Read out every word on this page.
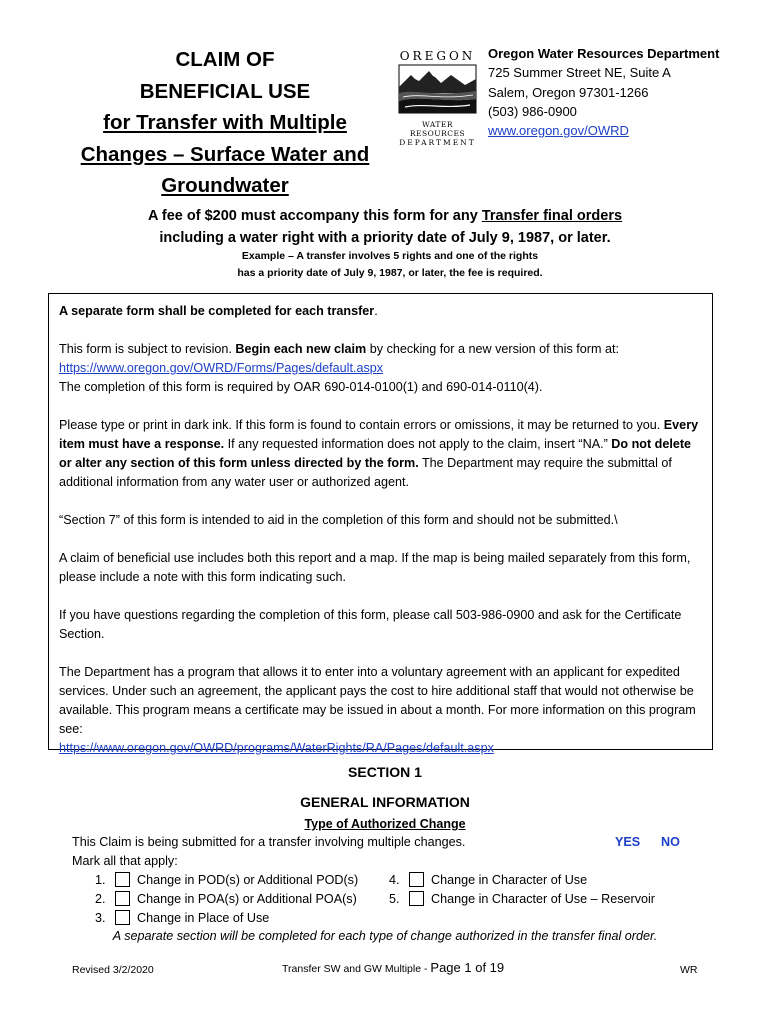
CLAIM OF
BENEFICIAL USE
for Transfer with Multiple
Changes – Surface Water and
Groundwater
OREGON
WATER RESOURCES
DEPARTMENT
Oregon Water Resources Department
725 Summer Street NE, Suite A
Salem, Oregon 97301-1266
(503) 986-0900
www.oregon.gov/OWRD
A fee of $200 must accompany this form for any Transfer final orders
including a water right with a priority date of July 9, 1987, or later.
Example – A transfer involves 5 rights and one of the rights
has a priority date of July 9, 1987, or later, the fee is required.

A separate form shall be completed for each transfer.

This form is subject to revision. Begin each new claim by checking for a new version of this form at:

https://www.oregon.gov/OWRD/Forms/Pages/default.aspx

The completion of this form is required by OAR 690-014-0100(1) and 690-014-0110(4).

Please type or print in dark ink. If this form is found to contain errors or omissions, it may be returned to you. Every item must have a response. If any requested information does not apply to the claim, insert “NA.” Do not delete or alter any section of this form unless directed by the form. The Department may require the submittal of additional information from any water user or authorized agent.

“Section 7” of this form is intended to aid in the completion of this form and should not be submitted.\

A claim of beneficial use includes both this report and a map. If the map is being mailed separately from this form, please include a note with this form indicating such.

If you have questions regarding the completion of this form, please call 503-986-0900 and ask for the Certificate Section.

The Department has a program that allows it to enter into a voluntary agreement with an applicant for expedited services. Under such an agreement, the applicant pays the cost to hire additional staff that would not otherwise be available. This program means a certificate may be issued in about a month. For more information on this program see:

https://www.oregon.gov/OWRD/programs/WaterRights/RA/Pages/default.aspx

SECTION 1
GENERAL INFORMATION
Type of Authorized Change
This Claim is being submitted for a transfer involving multiple changes.	YES NO
Mark all that apply:
1. Change in POD(s) or Additional POD(s)
2. Change in POA(s) or Additional POA(s)
3. Change in Place of Use
4. Change in Character of Use
5. Change in Character of Use – Reservoir
A separate section will be completed for each type of change authorized in the transfer final order.
Revised 3/2/2020	Transfer SW and GW Multiple - Page 1 of 19	WR
